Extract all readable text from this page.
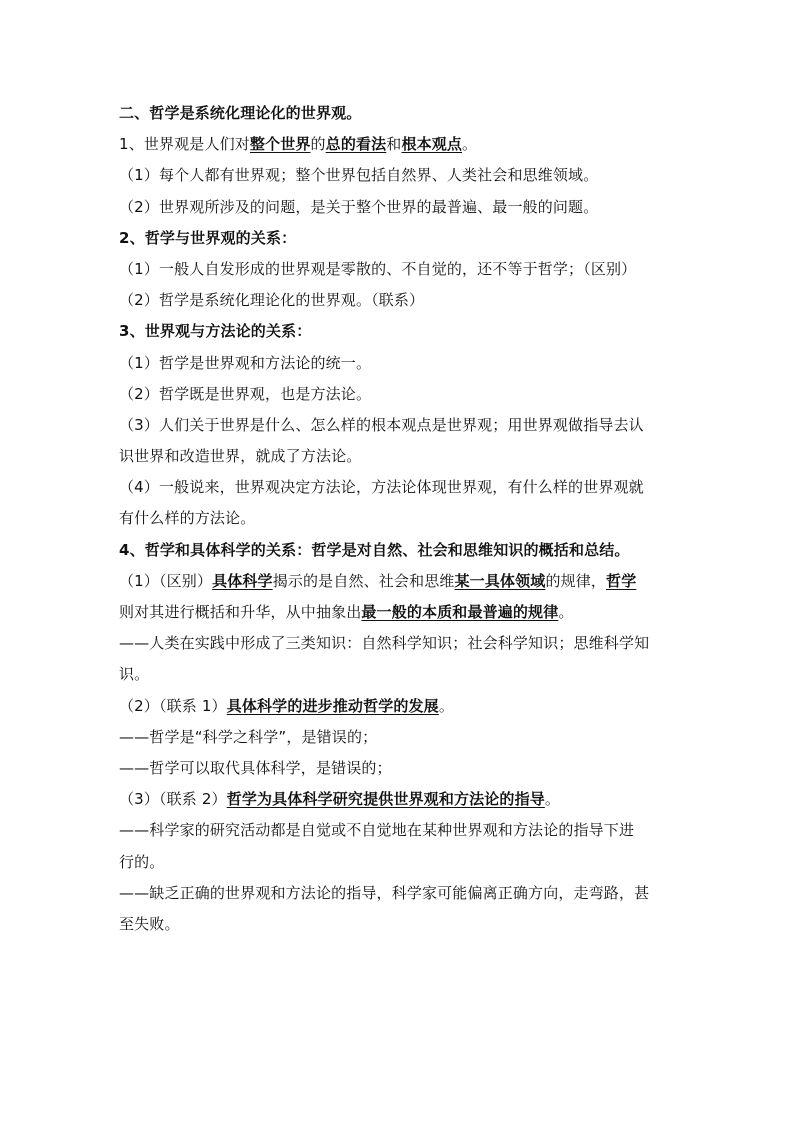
二、哲学是系统化理论化的世界观。
1、世界观是人们对整个世界的总的看法和根本观点。
（1）每个人都有世界观；整个世界包括自然界、人类社会和思维领域。
（2）世界观所涉及的问题，是关于整个世界的最普遍、最一般的问题。
2、哲学与世界观的关系：
（1）一般人自发形成的世界观是零散的、不自觉的，还不等于哲学；（区别）
（2）哲学是系统化理论化的世界观。（联系）
3、世界观与方法论的关系：
（1）哲学是世界观和方法论的统一。
（2）哲学既是世界观，也是方法论。
（3）人们关于世界是什么、怎么样的根本观点是世界观；用世界观做指导去认
识世界和改造世界，就成了方法论。
（4）一般说来，世界观决定方法论，方法论体现世界观，有什么样的世界观就
有什么样的方法论。
4、哲学和具体科学的关系：哲学是对自然、社会和思维知识的概括和总结。
（1）（区别）具体科学揭示的是自然、社会和思维某一具体领域的规律，哲学
则对其进行概括和升华，从中抽象出最一般的本质和最普遍的规律。
——人类在实践中形成了三类知识：自然科学知识；社会科学知识；思维科学知
识。
（2）（联系 1）具体科学的进步推动哲学的发展。
——哲学是“科学之科学”，是错误的；
——哲学可以取代具体科学，是错误的；
（3）（联系 2）哲学为具体科学研究提供世界观和方法论的指导。
——科学家的研究活动都是自觉或不自觉地在某种世界观和方法论的指导下进
行的。
——缺乏正确的世界观和方法论的指导，科学家可能偏离正确方向，走弯路，甚
至失败。
